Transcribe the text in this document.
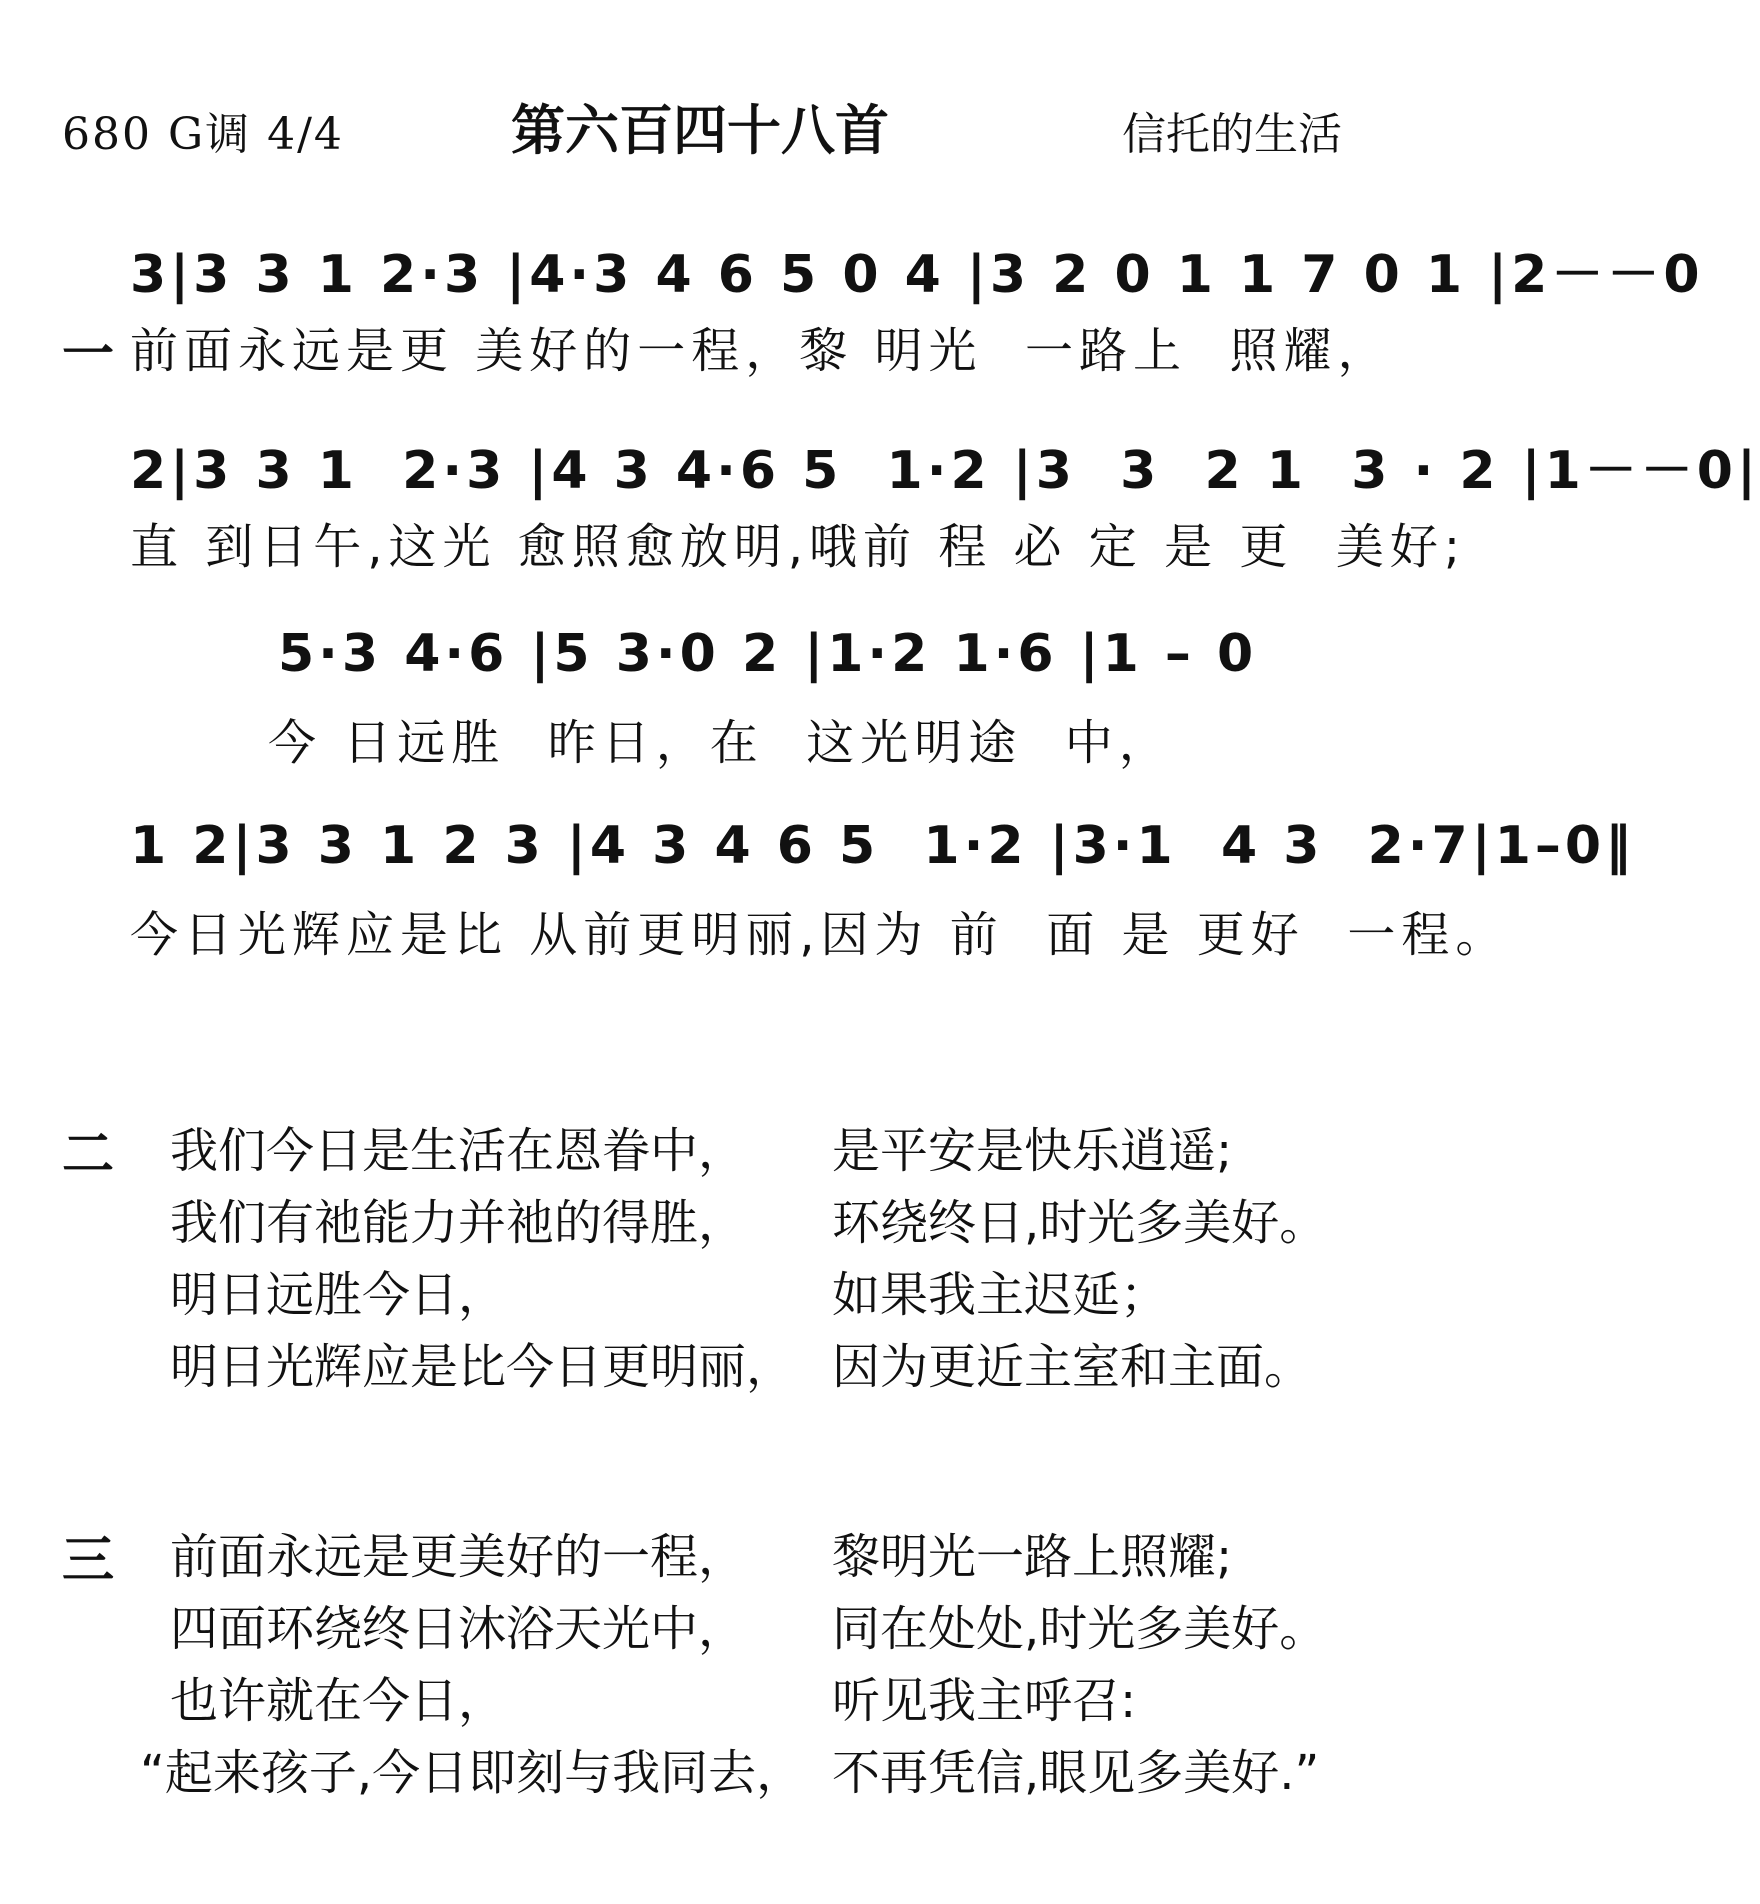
680 G调 4/4	第六百四十八首	信托的生活
3|3 3 1 2·3 |4·3 4 6 5 0 4 |3 2 0 1 1 7 0 1 |2－－0
一 前面永远是更 美好的一程，黎 明光  一路上  照耀，
2|3 3 1  2·3 |4 3 4·6 5  1·2 |3  3  2 1  3 · 2 |1－－0|
直 到日午,这光 愈照愈放明,哦前 程 必 定 是 更  美好;
5·3 4·6 |5 3·0 2 |1·2 1·6 |1 – 0
今 日远胜  昨日，在  这光明途  中，
1 2|3 3 1 2 3 |4 3 4 6 5  1·2 |3·1  4 3  2·7|1–0‖
今日光辉应是比 从前更明丽,因为 前  面 是 更好  一程。
二 我们今日是生活在恩眷中， 是平安是快乐逍遥;
我们有祂能力并祂的得胜， 环绕终日,时光多美好。
明日远胜今日，	如果我主迟延；
明日光辉应是比今日更明丽， 因为更近主室和主面。
三 前面永远是更美好的一程， 黎明光一路上照耀;
四面环绕终日沐浴天光中， 同在处处,时光多美好。
也许就在今日，	听见我主呼召:
“起来孩子,今日即刻与我同去， 不再凭信,眼见多美好.”
